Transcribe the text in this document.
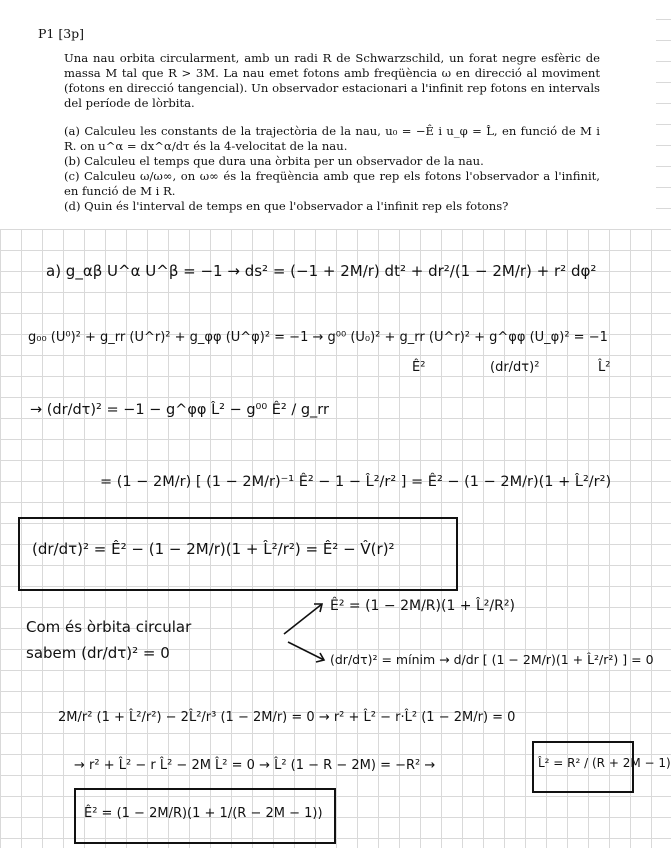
P1 [3p]

Una nau orbita circularment, amb un radi R de Schwarzschild, un forat negre esfèric de massa M tal que R > 3M. La nau emet fotons amb freqüència ω en direcció al moviment (fotons en direcció tangencial). Un observador estacionari a l'infinit rep fotons en intervals del període de lòrbita.

(a) Calculeu les constants de la trajectòria de la nau, u₀ = −Ê i u_φ = L̂, en funció de M i R. on u^α = dx^α/dτ és la 4-velocitat de la nau.

(b) Calculeu el temps que dura una òrbita per un observador de la nau.

(c) Calculeu ω/ω∞, on ω∞ és la freqüència amb que rep els fotons l'observador a l'infinit, en funció de M i R.

(d) Quin és l'interval de temps en que l'observador a l'infinit rep els fotons?

a) g_αβ U^α U^β = −1 → ds² = (−1 + 2M/r) dt² + dr²/(1 − 2M/r) + r² dφ²
g₀₀ (U⁰)² + g_rr (U^r)² + g_φφ (U^φ)² = −1 → g⁰⁰ (U₀)² + g_rr (U^r)² + g^φφ (U_φ)² = −1
Ê²	(dr/dτ)²	L̂²
→ (dr/dτ)² = −1 − g^φφ L̂² − g⁰⁰ Ê² / g_rr
= (1 − 2M/r) [ (1 − 2M/r)⁻¹ Ê² − 1 − L̂²/r² ] = Ê² − (1 − 2M/r)(1 + L̂²/r²)
(dr/dτ)² = Ê² − (1 − 2M/r)(1 + L̂²/r²) = Ê² − V̂(r)²
Com és òrbita circular
sabem (dr/dτ)² = 0
Ê² = (1 − 2M/R)(1 + L̂²/R²)
(dr/dτ)² = mínim → d/dr [ (1 − 2M/r)(1 + L̂²/r²) ] = 0
2M/r² (1 + L̂²/r²) − 2L̂²/r³ (1 − 2M/r) = 0 → r² + L̂² − r·L̂² (1 − 2M/r) = 0
→ r² + L̂² − r L̂² − 2M L̂² = 0 → L̂² (1 − R − 2M) = −R² →	L̂² = R² / (R + 2M − 1)
Ê² = (1 − 2M/R)(1 + 1/(R − 2M − 1))
